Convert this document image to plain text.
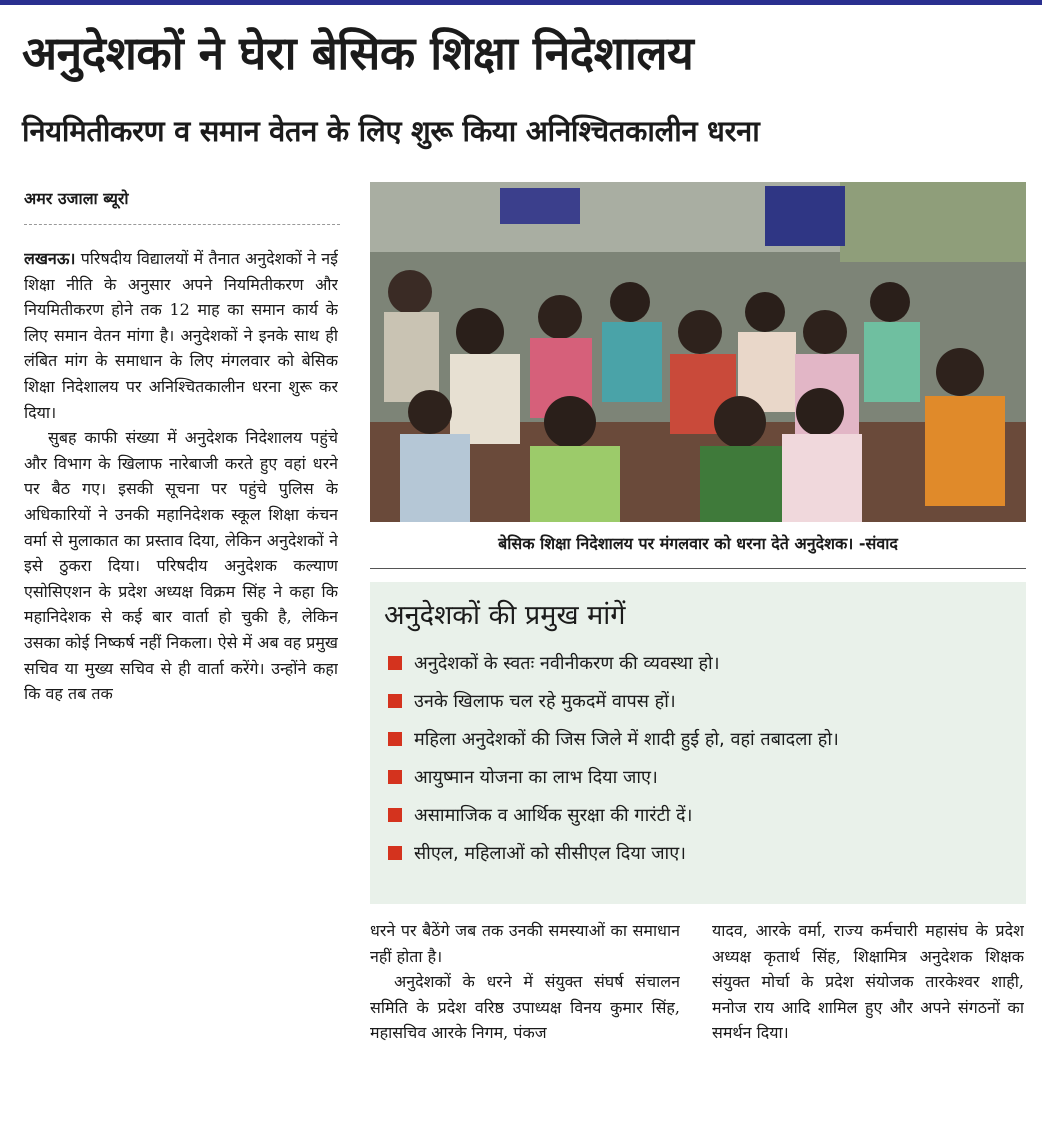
अनुदेशकों ने घेरा बेसिक शिक्षा निदेशालय
नियमितीकरण व समान वेतन के लिए शुरू किया अनिश्चितकालीन धरना
अमर उजाला ब्यूरो

लखनऊ। परिषदीय विद्यालयों में तैनात अनुदेशकों ने नई शिक्षा नीति के अनुसार अपने नियमितीकरण और नियमितीकरण होने तक 12 माह का समान कार्य के लिए समान वेतन मांगा है। अनुदेशकों ने इनके साथ ही लंबित मांग के समाधान के लिए मंगलवार को बेसिक शिक्षा निदेशालय पर अनिश्चितकालीन धरना शुरू कर दिया।

सुबह काफी संख्या में अनुदेशक निदेशालय पहुंचे और विभाग के खिलाफ नारेबाजी करते हुए वहां धरने पर बैठ गए। इसकी सूचना पर पहुंचे पुलिस के अधिकारियों ने उनकी महानिदेशक स्कूल शिक्षा कंचन वर्मा से मुलाकात का प्रस्ताव दिया, लेकिन अनुदेशकों ने इसे ठुकरा दिया। परिषदीय अनुदेशक कल्याण एसोसिएशन के प्रदेश अध्यक्ष विक्रम सिंह ने कहा कि महानिदेशक से कई बार वार्ता हो चुकी है, लेकिन उसका कोई निष्कर्ष नहीं निकला। ऐसे में अब वह प्रमुख सचिव या मुख्य सचिव से ही वार्ता करेंगे। उन्होंने कहा कि वह तब तक

बेसिक शिक्षा निदेशालय पर मंगलवार को धरना देते अनुदेशक। -संवाद
अनुदेशकों की प्रमुख मांगें
अनुदेशकों के स्वतः नवीनीकरण की व्यवस्था हो।
उनके खिलाफ चल रहे मुकदमें वापस हों।
महिला अनुदेशकों की जिस जिले में शादी हुई हो, वहां तबादला हो।
आयुष्मान योजना का लाभ दिया जाए।
असामाजिक व आर्थिक सुरक्षा की गारंटी दें।
सीएल, महिलाओं को सीसीएल दिया जाए।

धरने पर बैठेंगे जब तक उनकी समस्याओं का समाधान नहीं होता है।

अनुदेशकों के धरने में संयुक्त संघर्ष संचालन समिति के प्रदेश वरिष्ठ उपाध्यक्ष विनय कुमार सिंह, महासचिव आरके निगम, पंकज

यादव, आरके वर्मा, राज्य कर्मचारी महासंघ के प्रदेश अध्यक्ष कृतार्थ सिंह, शिक्षामित्र अनुदेशक शिक्षक संयुक्त मोर्चा के प्रदेश संयोजक तारकेश्वर शाही, मनोज राय आदि शामिल हुए और अपने संगठनों का समर्थन दिया।
